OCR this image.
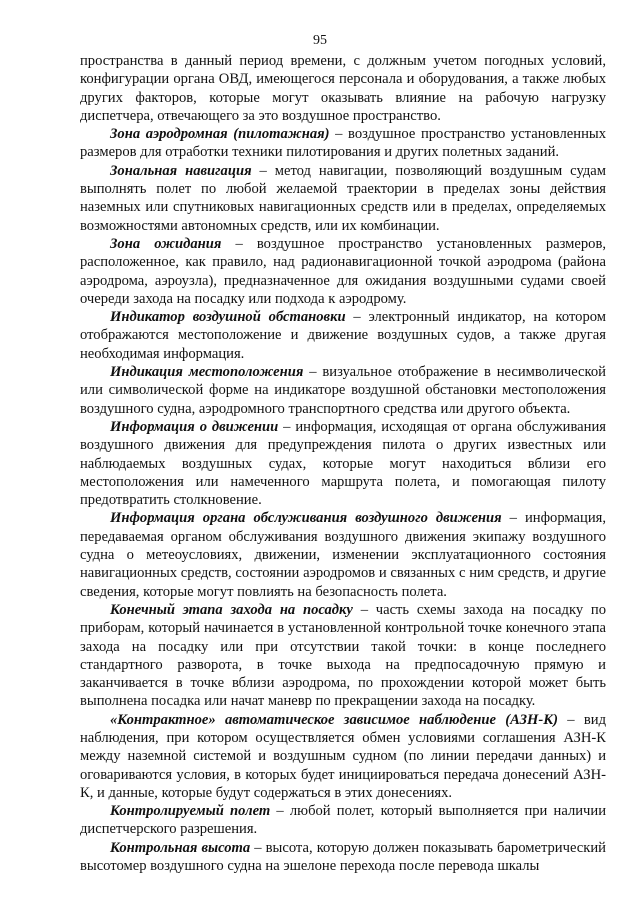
95

пространства в данный период времени, с должным учетом погодных условий, конфигурации органа ОВД, имеющегося персонала и оборудования, а также любых других факторов, которые могут оказывать влияние на рабочую нагрузку диспетчера, отвечающего за это воздушное пространство.

Зона аэродромная (пилотажная) – воздушное пространство установленных размеров для отработки техники пилотирования и других полетных заданий.

Зональная навигация – метод навигации, позволяющий воздушным судам выполнять полет по любой желаемой траектории в пределах зоны действия наземных или спутниковых навигационных средств или в пределах, определяемых возможностями автономных средств, или их комбинации.

Зона ожидания – воздушное пространство установленных размеров, расположенное, как правило, над радионавигационной точкой аэродрома (района аэродрома, аэроузла), предназначенное для ожидания воздушными судами своей очереди захода на посадку или подхода к аэродрому.

Индикатор воздушной обстановки – электронный индикатор, на котором отображаются местоположение и движение воздушных судов, а также другая необходимая информация.

Индикация местоположения – визуальное отображение в несимволической или символической форме на индикаторе воздушной обстановки местоположения воздушного судна, аэродромного транспортного средства или другого объекта.

Информация о движении – информация, исходящая от органа обслуживания воздушного движения для предупреждения пилота о других известных или наблюдаемых воздушных судах, которые могут находиться вблизи его местоположения или намеченного маршрута полета, и помогающая пилоту предотвратить столкновение.

Информация органа обслуживания воздушного движения – информация, передаваемая органом обслуживания воздушного движения экипажу воздушного судна о метеоусловиях, движении, изменении эксплуатационного состояния навигационных средств, состоянии аэродромов и связанных с ним средств, и другие сведения, которые могут повлиять на безопасность полета.

Конечный этапа захода на посадку – часть схемы захода на посадку по приборам, который начинается в установленной контрольной точке конечного этапа захода на посадку или при отсутствии такой точки: в конце последнего стандартного разворота, в точке выхода на предпосадочную прямую и заканчивается в точке вблизи аэродрома, по прохождении которой может быть выполнена посадка или начат маневр по прекращении захода на посадку.

«Контрактное» автоматическое зависимое наблюдение (АЗН-К) – вид наблюдения, при котором осуществляется обмен условиями соглашения АЗН-К между наземной системой и воздушным судном (по линии передачи данных) и оговариваются условия, в которых будет инициироваться передача донесений АЗН-К, и данные, которые будут содержаться в этих донесениях.

Контролируемый полет – любой полет, который выполняется при наличии диспетчерского разрешения.

Контрольная высота – высота, которую должен показывать барометрический высотомер воздушного судна на эшелоне перехода после перевода шкалы
